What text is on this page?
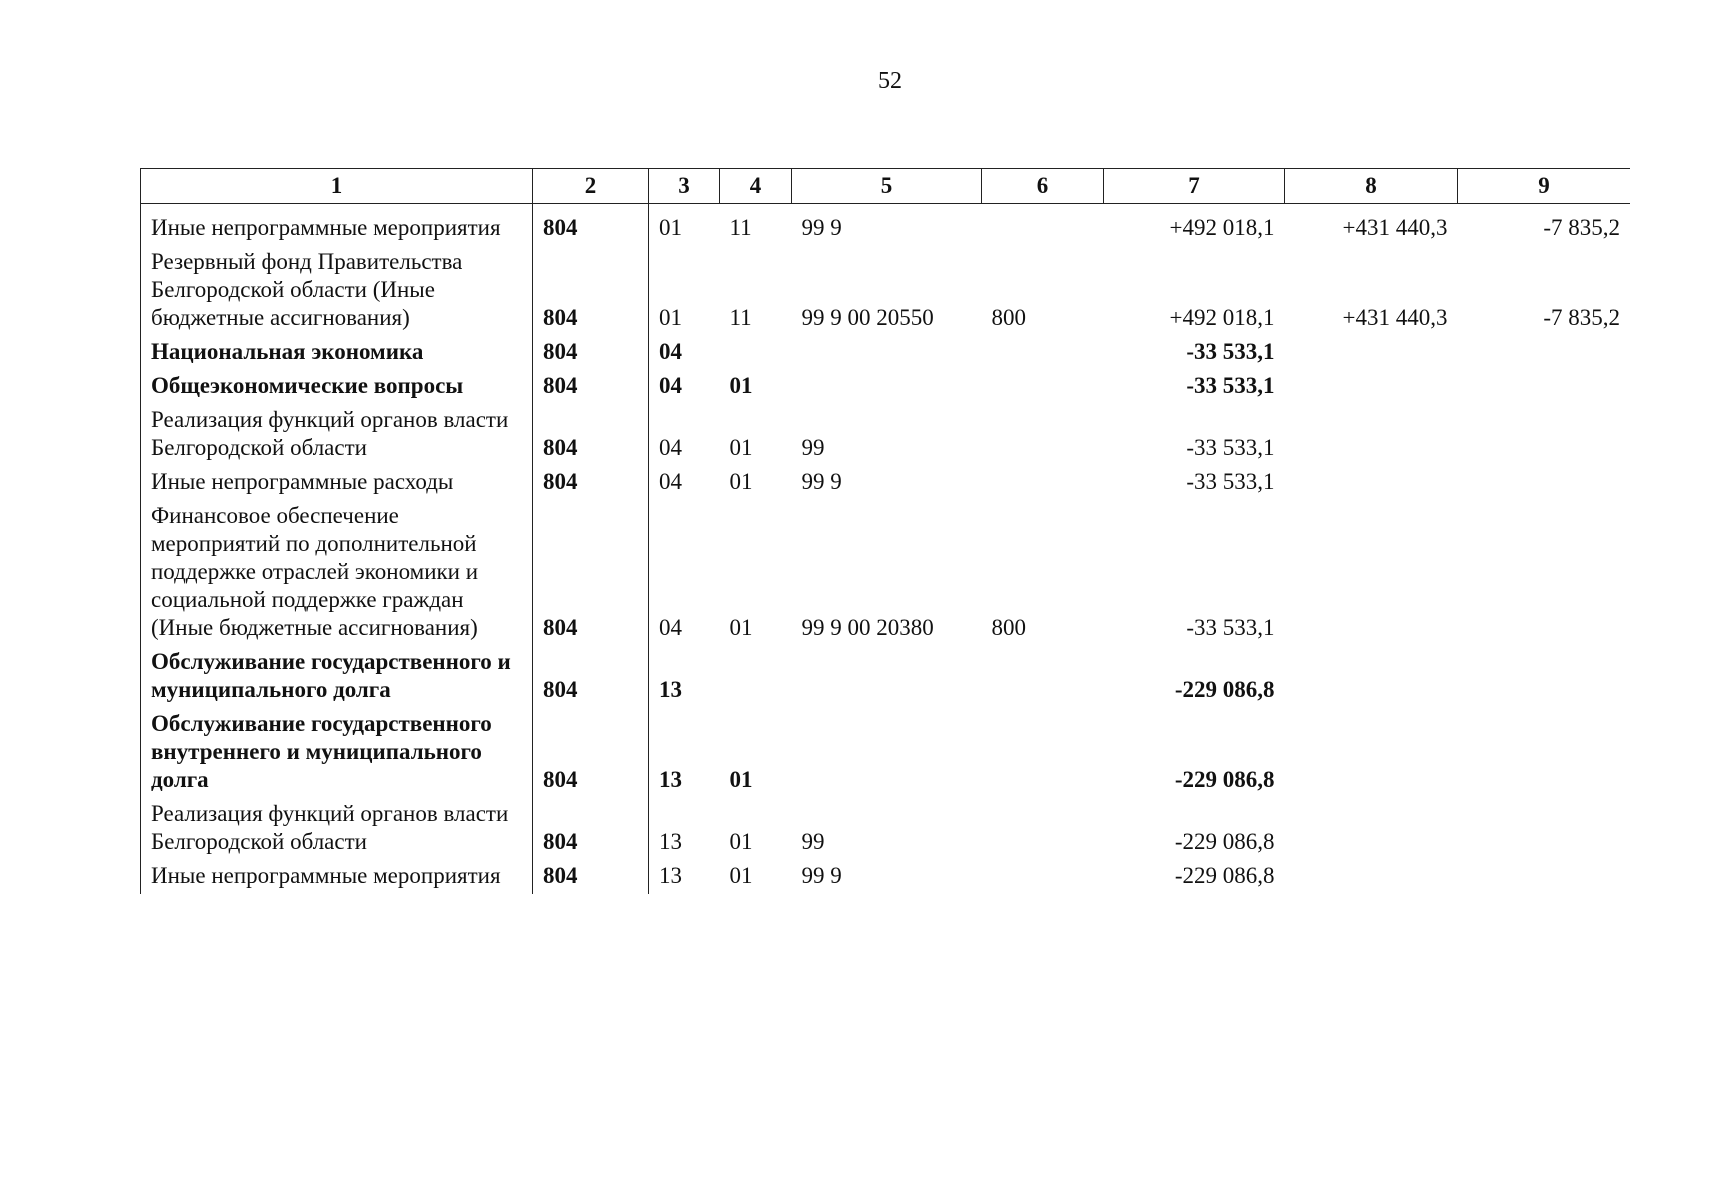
52
1	2	3	4	5	6	7	8	9
Иные непрограммные мероприятия	804	01	11	99 9		+492 018,1	+431 440,3	-7 835,2
Резервный фонд Правительства Белгородской области (Иные бюджетные ассигнования)	804	01	11	99 9 00 20550	800	+492 018,1	+431 440,3	-7 835,2
Национальная экономика	804	04				-33 533,1		
Общеэкономические вопросы	804	04	01			-33 533,1		
Реализация функций органов власти Белгородской области	804	04	01	99		-33 533,1		
Иные непрограммные расходы	804	04	01	99 9		-33 533,1		
Финансовое обеспечение мероприятий по дополнительной поддержке отраслей экономики и социальной поддержке граждан (Иные бюджетные ассигнования)	804	04	01	99 9 00 20380	800	-33 533,1		
Обслуживание государственного и муниципального долга	804	13				-229 086,8		
Обслуживание государственного внутреннего и муниципального долга	804	13	01			-229 086,8		
Реализация функций органов власти Белгородской области	804	13	01	99		-229 086,8		
Иные непрограммные мероприятия	804	13	01	99 9		-229 086,8		
